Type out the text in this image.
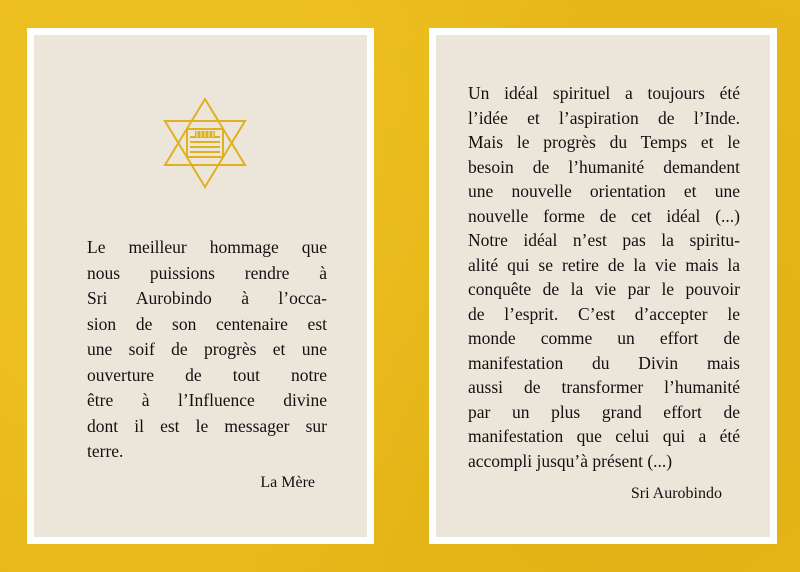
Le meilleur hommage que
nous puissions rendre à
Sri Aurobindo à l’occa-
sion de son centenaire est
une soif de progrès et une
ouverture de tout notre
être à l’Influence divine
dont il est le messager sur
terre.

La Mère

Un idéal spirituel a toujours été
l’idée et l’aspiration de l’Inde.
Mais le progrès du Temps et le
besoin de l’humanité demandent
une nouvelle orientation et une
nouvelle forme de cet idéal (...)
Notre idéal n’est pas la spiritu-
alité qui se retire de la vie mais la
conquête de la vie par le pouvoir
de l’esprit. C’est d’accepter le
monde comme un effort de
manifestation du Divin mais
aussi de transformer l’humanité
par un plus grand effort de
manifestation que celui qui a été
accompli jusqu’à présent (...)

Sri Aurobindo
